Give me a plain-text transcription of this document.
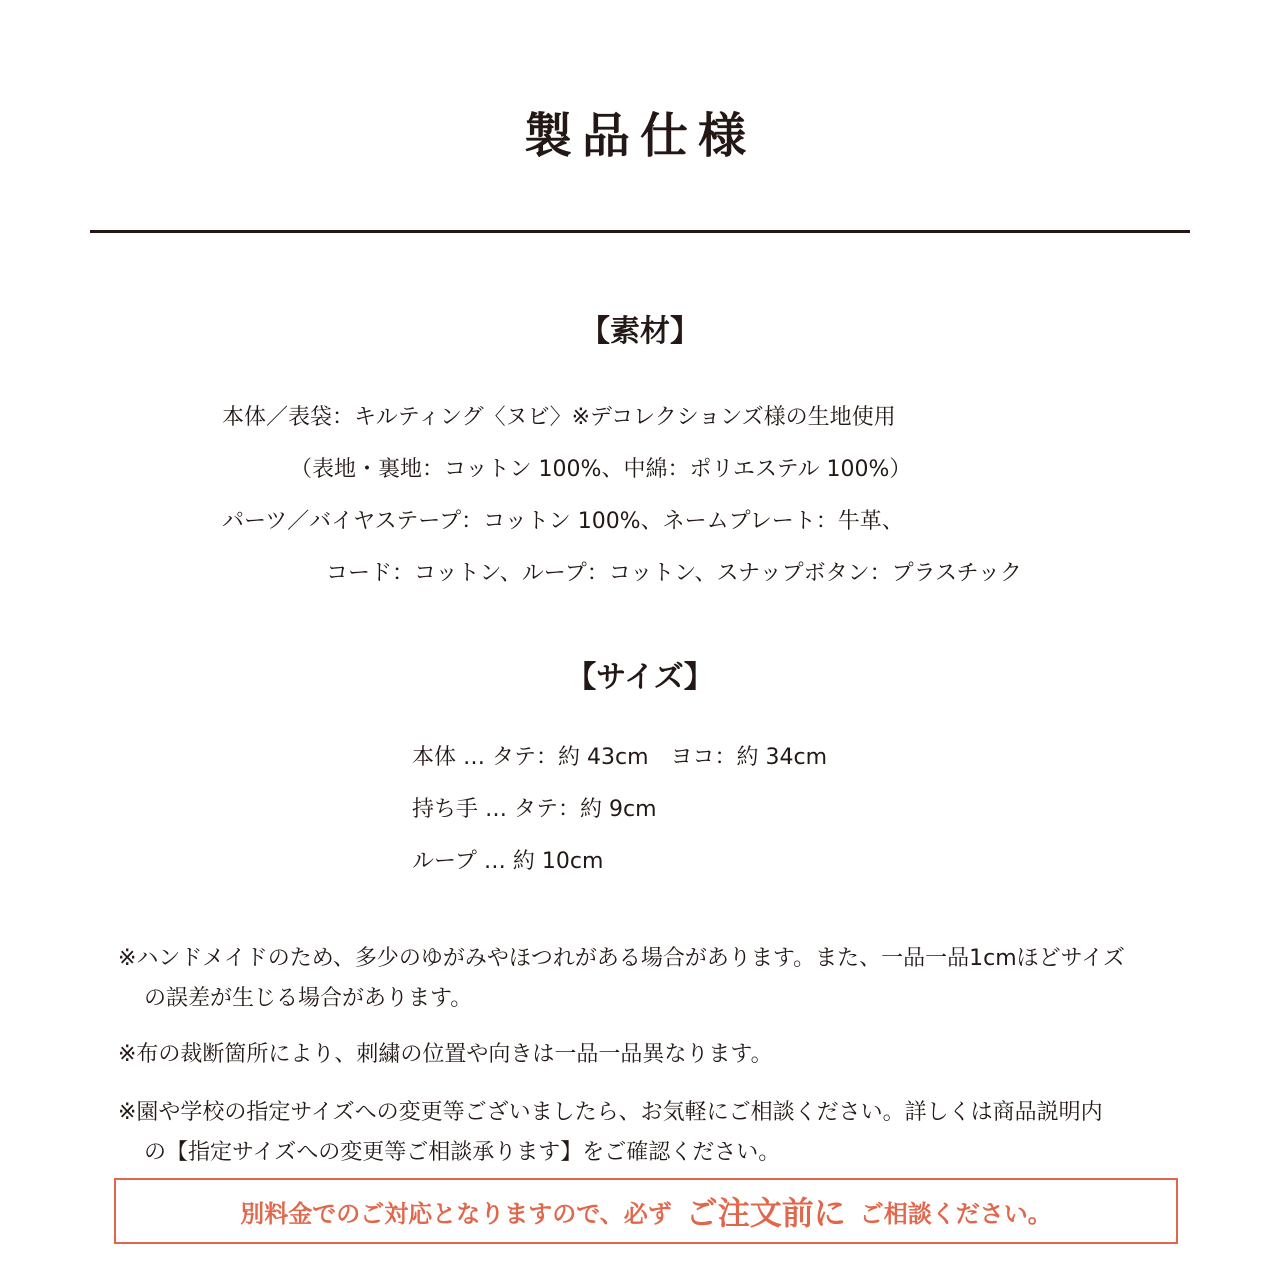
製品仕様
【素材】
本体／表袋：キルティング〈ヌビ〉※デコレクションズ様の生地使用
（表地・裏地：コットン 100%、中綿：ポリエステル 100%）
パーツ／バイヤステープ：コットン 100%、ネームプレート：牛革、
コード：コットン、ループ：コットン、スナップボタン：プラスチック
【サイズ】
本体 … タテ：約 43cm　ヨコ：約 34cm
持ち手 … タテ：約 9cm
ループ … 約 10cm
※ハンドメイドのため、多少のゆがみやほつれがある場合があります。また、一品一品1cmほどサイズ
の誤差が生じる場合があります。
※布の裁断箇所により、刺繍の位置や向きは一品一品異なります。
※園や学校の指定サイズへの変更等ございましたら、お気軽にご相談ください。詳しくは商品説明内
の【指定サイズへの変更等ご相談承ります】をご確認ください。
別料金でのご対応となりますので、必ず ご注文前に ご相談ください。
